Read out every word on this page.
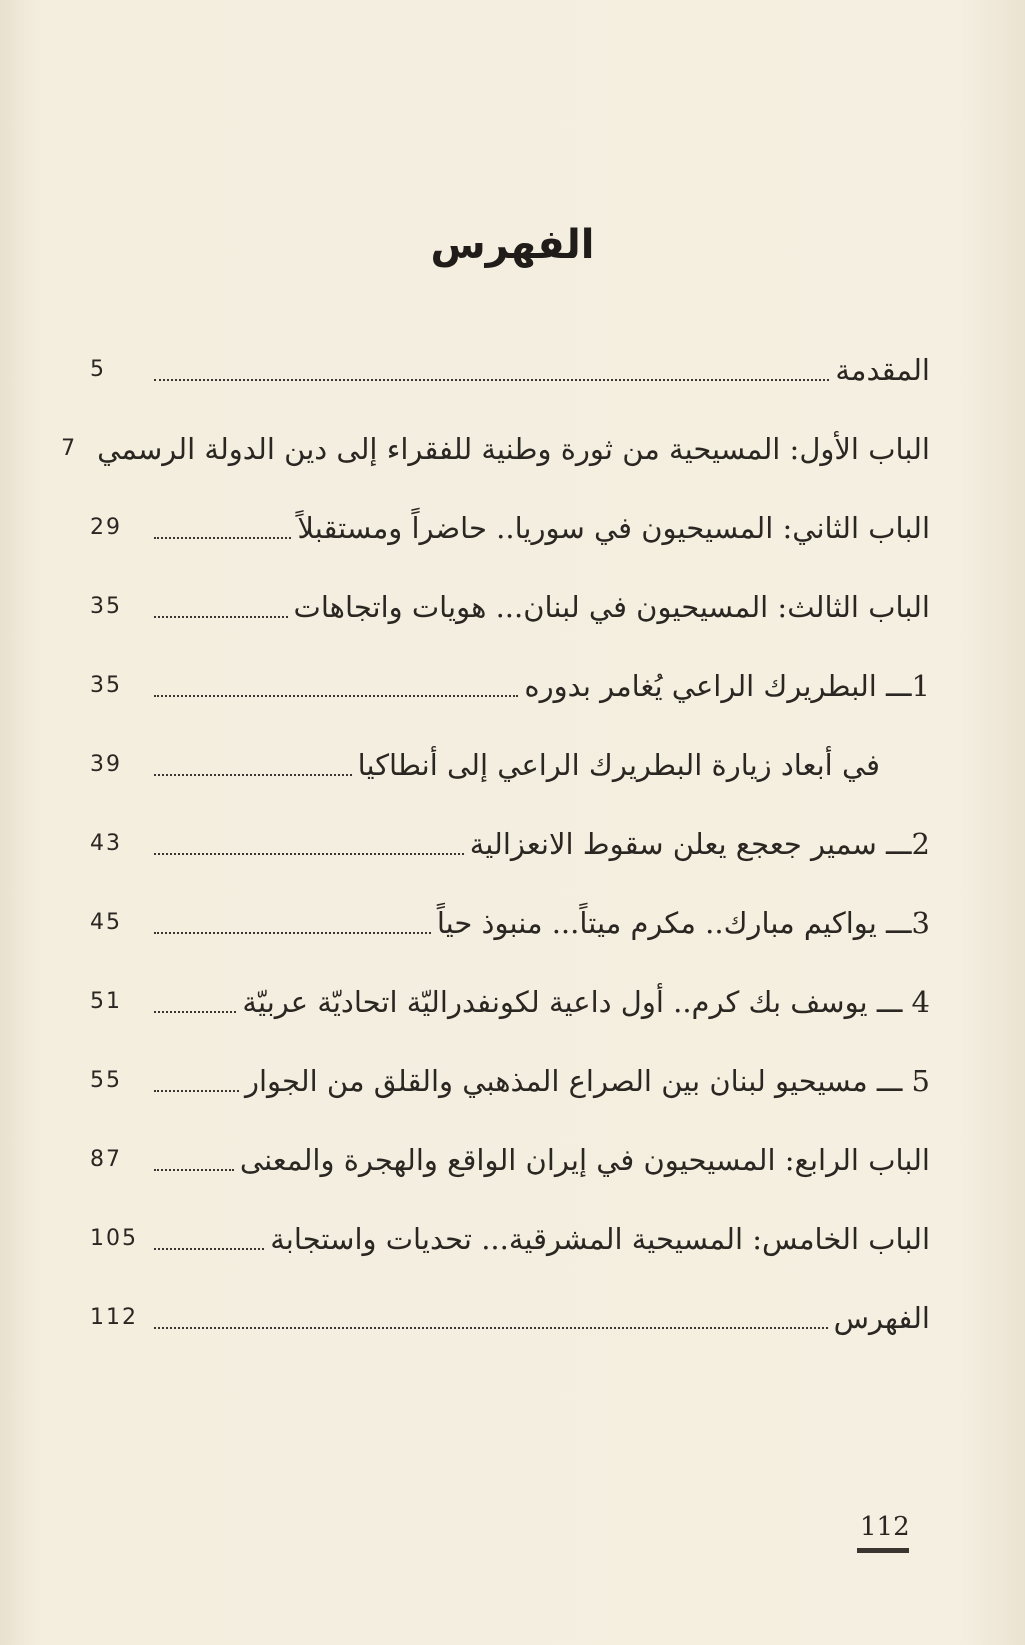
الفهرس
المقدمة
5
الباب الأول: المسيحية من ثورة وطنية للفقراء إلى دين الدولة الرسمي
7
الباب الثاني: المسيحيون في سوريا.. حاضراً ومستقبلاً
29
الباب الثالث: المسيحيون في لبنان... هويات واتجاهات
35
1ـــ البطريرك الراعي يُغامر بدوره
35
في أبعاد زيارة البطريرك الراعي إلى أنطاكيا
39
2ـــ سمير جعجع يعلن سقوط الانعزالية
43
3ـــ يواكيم مبارك.. مكرم ميتاً... منبوذ حياً
45
4 ـــ يوسف بك كرم.. أول داعية لكونفدراليّة اتحاديّة عربيّة
51
5 ـــ مسيحيو لبنان بين الصراع المذهبي والقلق من الجوار
55
الباب الرابع: المسيحيون في إيران الواقع والهجرة والمعنى
87
الباب الخامس: المسيحية المشرقية... تحديات واستجابة
105
الفهرس
112
112
